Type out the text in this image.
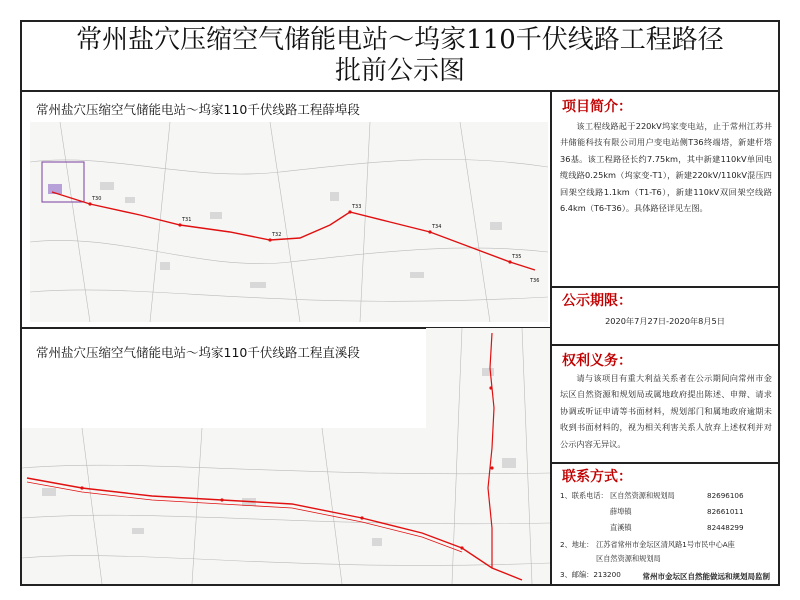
常州盐穴压缩空气储能电站～坞家110千伏线路工程路径
批前公示图
常州盐穴压缩空气储能电站～坞家110千伏线路工程薛埠段
T30
T31
T32
T33
T34
T35
T36
常州盐穴压缩空气储能电站～坞家110千伏线路工程直溪段
项目简介：
该工程线路起于220kV坞家变电站，止于常州江苏井井储能科技有限公司用户变电站侧T36终端塔，新建杆塔36基。该工程路径长约7.75km，其中新建110kV单回电缆线路0.25km（坞家变-T1），新建220kV/110kV混压四回架空线路1.1km（T1-T6），新建110kV双回架空线路6.4km（T6-T36）。具体路径详见左图。
公示期限：
2020年7月27日-2020年8月5日
权利义务：
请与该项目有重大利益关系者在公示期间向常州市金坛区自然资源和规划局或属地政府提出陈述、申辩、请求协调或听证申请等书面材料，规划部门和属地政府逾期未收到书面材料的，视为相关利害关系人放弃上述权利并对公示内容无异议。
联系方式：
1、联系电话： 区自然资源和规划局	82696106
薛埠镇	82661011
直溪镇	82448299
2、地址： 江苏省常州市金坛区清风路1号市民中心A座
区自然资源和规划局
3、邮编：213200	常州市金坛区自然能做远和规划局监制
